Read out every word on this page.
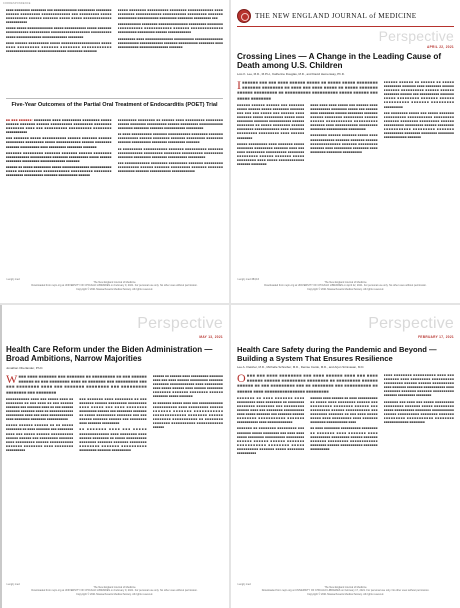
CORRESPONDENCE

■■■■ ■■■■■■■■ ■■■■■■■■ ■■■ ■■■■■■■■■■■■ ■■■■■■■■■ ■■■■■■■■ ■■■■■■ ■■■■■■■■■ ■■■■■■■■■■■■■ ■■■ ■■■■■■■■■ ■■■■■ ■■■■■■■■■■ ■■■■■■ ■■■■■■■ ■■■■■ ■■■■■ ■■■■■■■■■■■■■ ■■■■■■■■■■■

■■■■■ ■■■■■ ■■■■■■■■■■■■■ ■■■■■ ■■■■■■■■■■■ ■■■■■ ■■■■■■■ ■■■■■■■■■■■ ■■■■■■■■■■ ■■■■■■■■■■■■■■■■■■■ ■■■■■■■■■■ ■■■■■ ■■■■■■■■■■■■■ ■■■■■■■■■■■■■ ■■■■■■■■

■■■■ ■■■■■■ ■■■■■■■■■■ ■■■■■ ■■■■■■■■■■■■■■■■■■■ ■■■■■ ■■■■ ■■■■■■■■■ ■■■■■■■ ■■■■■■■■ ■■■■■■■■■■■■ ■■■■■■■■■■■■■■■■ ■■■■■■■■■■■■■■■ ■■■■■■■■ ■■■■■■■

■■■■■ ■■■■■■■■ ■■■■■■■■■■ ■■■■■■■■ ■■■■■■■■■■■■ ■■■■ ■■■■■■■■ ■■■■■■■■■■■■ ■■■■■■■■■■■ ■■■■■■■■■ ■■■■■■■ ■■■■■■■■■■ ■■■■■■■■■■■ ■■■■■■■■■ ■■■■■■■■ ■■■■■■■■■ ■■■

■■■■■■■■■■■■ ■■■■■■■■ ■■■■■■■■■■■■■■■ ■■■■■■■■■ ■■■■■■■■ ■■■■■■■■■■■ ■■■■■■■■■■■■ ■■■■■■■ ■■■■■■■■■■■■■■ ■■■■■■■■■■ ■■■■■■■■■ ■■■■■■ ■■■■■■■■■■■■

■■■■■■■■■ ■■■■ ■■■■■■■■■■■■■■ ■■■■■■■■■■ ■■■■■■■■■■■■■■ ■■■■■■■■■■■ ■■■■■■■■■■■■ ■■■■■■■ ■■■■■■■■■■ ■■■■■■■■ ■■■■ ■■■■■■■■■■■ ■■■■■■■■■■■■■■■ ■■■■■■■

Five-Year Outcomes of the Partial Oral Treatment of Endocarditis (POET) Trial

■■ ■■■ ■■■■■■: ■■■■■■■■ ■■■■ ■■■■■■■■■ ■■■■■■■■ ■■■■■ ■■■■■■ ■■■■■■■ ■■■■■■ ■■■■■■■■■■ ■■■■■■■■■ ■■■■■■■■ ■■■■■■■■ ■■■■ ■■■ ■■■■■■■■■■ ■■■■■■■■■■ ■■■■■■■■ ■■■■■■■■■■■

■■■ ■■■■■■■ ■■■■■ ■■■■■■■■■■■ ■■■■■■ ■■■■■■■ ■■■■■■ ■■■■■■■■■ ■■■■■■■■■ ■■■■■ ■■■■■■■■■■■■ ■■■■■■ ■■■■■■■■ ■■■■■■■ ■■■■■■■■■■ ■■■■ ■■■■■■■■■ ■■■■■■■■ ■■■■■■■

■■■■■■■ ■■■■■■■■■ ■■■■■■■ ■■■■■■■ ■■■■■■ ■■■■■■■■ ■■■■■■■■■■■■ ■■■■■■■■■■■ ■■■■■■■■ ■■■■■■■■■■ ■■■■■ ■■■■■■ ■■■■■■■■ ■■■■■■■■■ ■■■■■■■■■■■■■ ■■■■■■■

■■■■■■ ■■ ■■■■■ ■■■■■■■■■ ■■■■■ ■■■■■■■■■■■■■■ ■■■■■■■■■■■ ■■■■■ ■■■■■■■■■■■ ■■■■■■■■■■■■ ■■■■■■■■■■ ■■■■■■■■ ■■■■■■■■■ ■■■■■■■■■■ ■■■■■■■ ■■■■■■■■■■ ■■■■■■

■■■■■■■■■ ■■■■■■■■ ■■ ■■■■■■ ■■■■ ■■■■■■■■■ ■■■■■■■■ ■■■■■■ ■■■■■■■■ ■■■■■■■■■■ ■■■■■■ ■■■■■■■■■ ■■■■■■■■■■■■ ■■■■■■■■ ■■■■■■■■ ■■■■■■■ ■■■■■■■■■■■ ■■■■■■■■■

■■ ■■■■ ■■■■■■■■■■ ■■■■■■■ ■■■■■■■■■■■ ■■■■■■■■ ■■■■■■■ ■■■■■■■■■■ ■■■■■■ ■■■■■■■■ ■■■■■■■ ■■■■■■■■■ ■■■■■■■■ ■■■■■■■ ■■■■■■■■■■ ■■■■■■■■ ■■■■■■■■■ ■■■■■■■

■■ ■■■■■■■■■ ■■■■■■■■■■■ ■■■■■■■ ■■■■■■■■■■ ■■■■■■■ ■■■■■■■■■■■■ ■■■■■■■■■ ■■■■■■■■ ■■■■■■■■■■ ■■■■■■■■■ ■■■■■■■■ ■■■■■■■■■ ■■■■■■■■ ■■■■■■■■■■ ■■■■■■■■■

■■■ ■■■■■■■■■■■■ ■■■■■■■■ ■■■■■■■■■ ■■■■■■■ ■■■■■■■■■ ■■■■■■■■■■ ■■■■■■ ■■■■■■■ ■■■■■■■■■ ■■■■■■■ ■■■■■■■ ■■■■■■■■■ ■■■■■■■ ■■■■■■■■■■■ ■■■■■■■■■■■■

n engl j med
The New England Journal of Medicine
Downloaded from nejm.org at UNIVERSITY OF CHICAGO LIBRARIES on February 9, 2021. For personal use only. No other uses without permission.
Copyright © 2021 Massachusetts Medical Society. All rights reserved.
THE NEW ENGLAND JOURNAL of MEDICINE
Perspective
APRIL 22, 2021
Crossing Lines — A Change in the Leading Cause of Death among U.S. Children
Lois K. Lee, M.D., M.P.H., Katherine Douglas, M.D., and David Hemenway, Ph.D.

I ■■■■■■ ■■■ ■■■ ■■■■ ■■■■■■ ■■■■■ ■■ ■■■■■ ■■■■■ ■■■■■■■■ ■■■■■■■ ■■■■■■■■ ■■ ■■■■ ■■■ ■■■■ ■■■■■ ■■ ■■■■■ ■■■■■■■ ■■■■■■ ■■■■■■■■■ ■■ ■■■■■■■■■■ ■■■■■■■■■■ ■■■■■ ■■■■■■ ■■■ ■■■■■ ■■■■■■■■

■■■■■■ ■■■■■■ ■■■■■■ ■■■ ■■■■■■■ ■■■■■ ■■■■■■ ■■■■■ ■■■■■■■■ ■■■■■■■ ■■■ ■■■ ■■■ ■■■■■ ■■■ ■■■■■■ ■■■■ ■■■■■■■ ■■■■■ ■■■■■■■■■ ■■■■■ ■■■■ ■■■■■■■■ ■■■■■■■ ■■■■■■■■■■■ ■■■■■■ ■■■■■■■■ ■■ ■■■■■ ■■■■■■■■ ■■■■■■ ■■■■■■■■ ■■■■■■■■■■■■ ■■■■ ■■■■■■■ ■■■■■■■■■ ■■■■■■■■■ ■■■■ ■■■■■■ ■■■■■■■■

■■■■■ ■■■■■■■■■ ■■■■ ■■■■■■■ ■■■■■ ■■■■■■■■ ■■■■■■■■■ ■■■■■■■ ■■■■ ■■■ ■■■■ ■■■■■■■■■ ■■■■■■■■■■ ■■■■■■■■ ■■■■■■■■■ ■■■■■■ ■■■■■■■ ■■■■■ ■■■■■■■■■ ■■■■ ■■■■■ ■■■■■■■■■■■■ ■■■■■■■ ■■■■■■■■

■■■■ ■■■■ ■■■■ ■■■■■ ■■■ ■■■■■■ ■■■■ ■■■■■■■■■■ ■■■■■■■■ ■■■■■ ■■■ ■■■■■■ ■■■■ ■■■■■■■■ ■■■■■■ ■■■■■■■■ ■■■■■■■ ■■■■■■ ■■■■■■■■ ■■■■■■■■■ ■■■■■■ ■■■■■■ ■■■■■■■■■■■ ■■■■■■■■■■ ■■■■■■■ ■■■■ ■■■■■■■■■■■ ■■■■■■■■■ ■■■■■■■■ ■■■■■■■■■■■ ■■■■■■■■■

■■■■■■■■ ■■■■■■ ■■■■■■■ ■■■■■ ■■■■ ■■■■■■■■■■■■ ■■■■■■■ ■■■■■■■ ■■■■■■ ■■■■■■■■■■■■■■ ■■■■■■■ ■■■■■■■■■ ■■■■■■■ ■■■■ ■■■■■■■■■ ■■■■■■■■ ■■■■ ■■■■■■■■ ■■■■■■■■ ■■■■■■■■■■

■■■■■■ ■■■■■■ ■■ ■■■■■■ ■■ ■■■■■ ■■■■■■■■■ ■■■■■■■ ■■■■ ■■■■■■■■ ■■■■■■ ■■■■■■■ ■■■■■■■■■■ ■■■■■■ ■■■■■■ ■■■■■■■■ ■■■■■■ ■■■ ■■■■■■■■■■ ■■■■■■■ ■■■■■ ■■■■■■■■■ ■■■■■■■ ■■■■■■ ■■■■■■■■■■ ■■■■■■■ ■■■■■■■■■ ■■■■■■■■■■

■■■ ■■■■■■■■ ■■■■■ ■■■ ■■■■■ ■■■■■■■ ■■■■■■■■■■ ■■■■■■■■■■■ ■■■■■■■■■ ■■■■■■■ ■■■■■■■■ ■■■■■■■■■ ■■■■■■ ■■■■■■■■■■ ■■■■■■■■■ ■■■■■■ ■■■■■■■■ ■■■■■■■■■■■ ■■■■■■■■■ ■■■■■■■ ■■■■■■■■■■ ■■■■■■■■ ■■■■■■■■ ■■■■■■■■ ■■■■■■■■■■■■ ■■■■■■■

n engl j med 384;16
The New England Journal of Medicine
Downloaded from nejm.org at UNIVERSITY OF CHICAGO LIBRARIES on April 22, 2021. For personal use only. No other uses without permission.
Copyright © 2021 Massachusetts Medical Society. All rights reserved.
Perspective
MAY 13, 2021
Health Care Reform under the Biden Administration — Broad Ambitions, Narrow Majorities
Jonathan Oberlander, Ph.D.

W ■■■ ■■■■ ■■■■■■■ ■■■ ■■■■■■■ ■■ ■■■■■■■■■ ■■ ■■■ ■■■■■■ ■■■■■■ ■■ ■■■ ■■■■■■■■ ■■■■ ■■ ■■■■■■■ ■■■ ■■■■■■■■■ ■■■ ■■■ ■■■■■■■■ ■■■■ ■■■ ■■■■■■■ ■■■■■■■■ ■■■ ■■■■■■■■■ ■■■■■■■■ ■■■ ■■■■■■■■

■■■■■■■■■■■ ■■■■ ■■■ ■■■■■ ■■■■ ■■ ■■■■■■■■ ■■ ■■■ ■■■■ ■■ ■■■ ■■■■■■ ■■■■■■■ ■■■ ■■■■■■■ ■■■■ ■■ ■■■ ■■■■■■ ■■■■■■■ ■■■■■■■ ■■■■ ■■ ■■■■■■■■■■■■ ■■■■■■■■■ ■■■■ ■■■ ■■■■ ■■■■■■■■■■■■ ■■■■ ■■■■■■■■ ■■■■■■■■ ■■■■■■■■■■■

■■■■■ ■■■■■■ ■■■■■■ ■■ ■■ ■■■■■ ■■■■■■■■ ■■ ■■■■ ■■■■■■■ ■■■ ■■■■■■■■ ■■■■ ■■■ ■■■■■ ■■■■■■ ■■■■■■■■■■ ■■■■■■ ■■■■■■ ■■■ ■■■■■■■■■ ■■■■■■■ ■■■■ ■■■■■■■■■ ■■■■■■ ■■■■■■■■■■■ ■■■■■■■ ■■■■■■■■ ■■■■ ■■■■■■■■ ■■■■■■■■■■

■■■ ■■■■■■■ ■■■■ ■■■■■■■■ ■■ ■■■ ■■■■■■■ ■■■■■■ ■■■■■■■■■ ■■■■■■■■■ ■■■■ ■■■■■ ■■■ ■■■■ ■■■■■■■■ ■■■■■■■■■ ■■■■■■ ■■■ ■■■■■■■■ ■■■■■■■ ■■ ■■■■■ ■■■■■■■■■ ■■■■■■■ ■■■ ■■■ ■■■■■■ ■■■■■■■ ■■■■■■ ■■■ ■■■■■■■■ ■■■■ ■■■■■■■ ■■■■■■■■■

■■ ■■■■■■■ ■■■■ ■■■ ■■■■■ ■■■■■■■■■■■■■■ ■■■■ ■■■■■■■■ ■■■■ ■■■■■■ ■■■■■■■■ ■■ ■■■■■ ■■■■■■■■■■ ■■■■■■■■ ■■■■■■■ ■■■■■■■ ■■■■■■■■ ■■■■■■■■ ■■■■■■■ ■■■■■■■■■■ ■■■■■■■■■ ■■■■■■■ ■■■■■■■■■■

■■■■■■ ■■ ■■■■■■ ■■■■ ■■■■■■■■■ ■■■■■■■ ■■■■ ■■■ ■■■■ ■■■■■■ ■■■■■■■■■ ■■■■■■■ ■■■■■■■■ ■■■■■■■■■■■■ ■■■■ ■■■■■■■■■ ■■■■ ■■■■■ ■■■■■■ ■■■■ ■■■■■■ ■■■■■■■■ ■■■■■■■■ ■■■■■■■ ■■■■■■■■ ■■■■■■ ■■■■■■■■ ■■■■■ ■■■■■■■

■■ ■■■■■■■ ■■■■■ ■■■■ ■■■ ■■■■■■■■■■■■ ■■■■■■■■■■■ ■■■■ ■■■■■■■■■ ■■■■■■ ■■■■■■■ ■■■■■■■ ■■■■■■■■■■■ ■■■■■■■■■■■■■■ ■■■■■■■■ ■■■■■■ ■■■■■■■■ ■■■■■■■■■■■ ■■ ■■■■■■■■ ■■■■■■■■ ■■■■■■■■■■■ ■■■■■■■■■■■■ ■■■■■■

n engl j med
The New England Journal of Medicine
Downloaded from nejm.org at UNIVERSITY OF CHICAGO LIBRARIES on February 9, 2021. For personal use only. No other uses without permission.
Copyright © 2021 Massachusetts Medical Society. All rights reserved.
Perspective
FEBRUARY 17, 2021
Health Care Safety during the Pandemic and Beyond — Building a System That Ensures Resilience
Lee A. Fleisher, M.D., Michelle Schreiber, M.D., Denise Cardo, M.D., and Arjun Srinivasan, M.D.

O ■■■ ■■■ ■■■■ ■■■■■■■■ ■■■ ■■■■ ■■■■■■ ■■■■ ■■■ ■■■■ ■■■■■■ ■■■■■■ ■■■■■■■■■ ■■■■■■■■ ■■ ■■■■■■■■■ ■■■■■■ ■■■■■■ ■■ ■■■ ■■■■■■■■■ ■■■ ■■ ■■■■■■■■ ■■■ ■■■■■■■■■■ ■■ ■■■■■■ ■■■■ ■■■■■■■■■■■■■■■■ ■■■■■■■■■

■■■■■■■ ■■ ■■■■ ■■■■■■■ ■■■■ ■■■■■■■■■ ■■■■ ■■■■■■■■ ■■ ■■■■■■■■ ■■■■■■■■ ■■■■■■■■ ■■■ ■■■■■■■■■ ■■■■■■ ■■■■ ■■■ ■■■■■■■■ ■■■■■■■■■■ ■■■■ ■■■■■ ■■■■■■■ ■■■ ■■■■■■■ ■■■■■■ ■■■■■■■■ ■■■■■■■■■■■ ■■■■■■■ ■■■■■■■■■■■ ■■■■ ■■■■■■■■■■■■■

■■■■■■■ ■■ ■■■■■■■■ ■■■■■■■■■ ■■■ ■■■■■■■ ■■■■■ ■■■■■■■■ ■■■ ■■■■ ■■■■ ■■■■■ ■■■■■■■■ ■■■■■■■■■■ ■■■■■■■■■ ■■■■■■ ■■■■■■ ■■■■■■ ■■■■■■■ ■■■■■■■■■■■ ■■■■■■■■ ■■■■■ ■■■■■■■■■■ ■■■■■■■ ■■■■■ ■■■■■■■■ ■■■■■■■■■■

■■■■■■ ■■■■ ■■■■■■ ■■ ■■■■ ■■■■■■■■■■ ■■ ■■■■■ ■■■■ ■■■■■■■■ ■■■■■■ ■■■ ■■■■■■■■■ ■■■■■■■■ ■■■■■■ ■■■ ■■■■■■■■■ ■■■■■■ ■■■■■■■■■■■ ■■■ ■■■■■■■■ ■■■■■■■ ■■ ■■■ ■■■■ ■■■■■ ■■■■■ ■■■■ ■■■■■■■■■ ■■■■ ■■■■■■■ ■■■■■■■■ ■■■■■■■■■■■ ■■■■

■■ ■■■■ ■■■■■■■■ ■■■■■■■■■■ ■■■■■■■■ ■■ ■■■■■■■ ■■■■ ■■■■■■■ ■■■■ ■■■■■■■■■■ ■■■■■■■■■ ■■■■■■ ■■■■■■■ ■■■■■■■ ■■■■■■■■■ ■■■■■■■■■■■■ ■■■■■■■■ ■■■■■■ ■■■■■■■■■■■ ■■■■■■■ ■■■■■■■■■■

■■■■ ■■■■■■■■ ■■■■■■■■■■ ■■■■ ■■■ ■■■■■■■ ■■■■ ■■■■■■■■■ ■■■■■■■■■■ ■■■■■■■■■ ■■■■■■ ■■■■■■ ■■■■■■■■■■ ■■■■ ■■■■■■■ ■■■■■■■■ ■■■■■■■■■■■ ■■■■ ■■■■■■■■ ■■■■■■■ ■■■■■■■ ■■■■■■■■■■ ■■■■■■■ ■■■■■■■■■ ■■■■■■■■

■■■■■■■ ■■■ ■■■■ ■■■ ■■■■■ ■■■■■■■■■ ■■■■■■■■■ ■■■■■■■ ■■■■■ ■■■■■■■■■ ■■■■■ ■■■■■■■■■■ ■■■■■■■■ ■■■■■■■■■■■ ■■■■■■ ■■■■■■■■■■ ■■■■■■■■ ■■■■■■■ ■■■■■■■■■ ■■■■■■■■■■■ ■■■■■■■■ ■■■■■■■■■■■■■ ■■■■■■■■

n engl j med
The New England Journal of Medicine
Downloaded from nejm.org at UNIVERSITY OF CHICAGO LIBRARIES on February 17, 2021. For personal use only. No other uses without permission.
Copyright © 2021 Massachusetts Medical Society. All rights reserved.
